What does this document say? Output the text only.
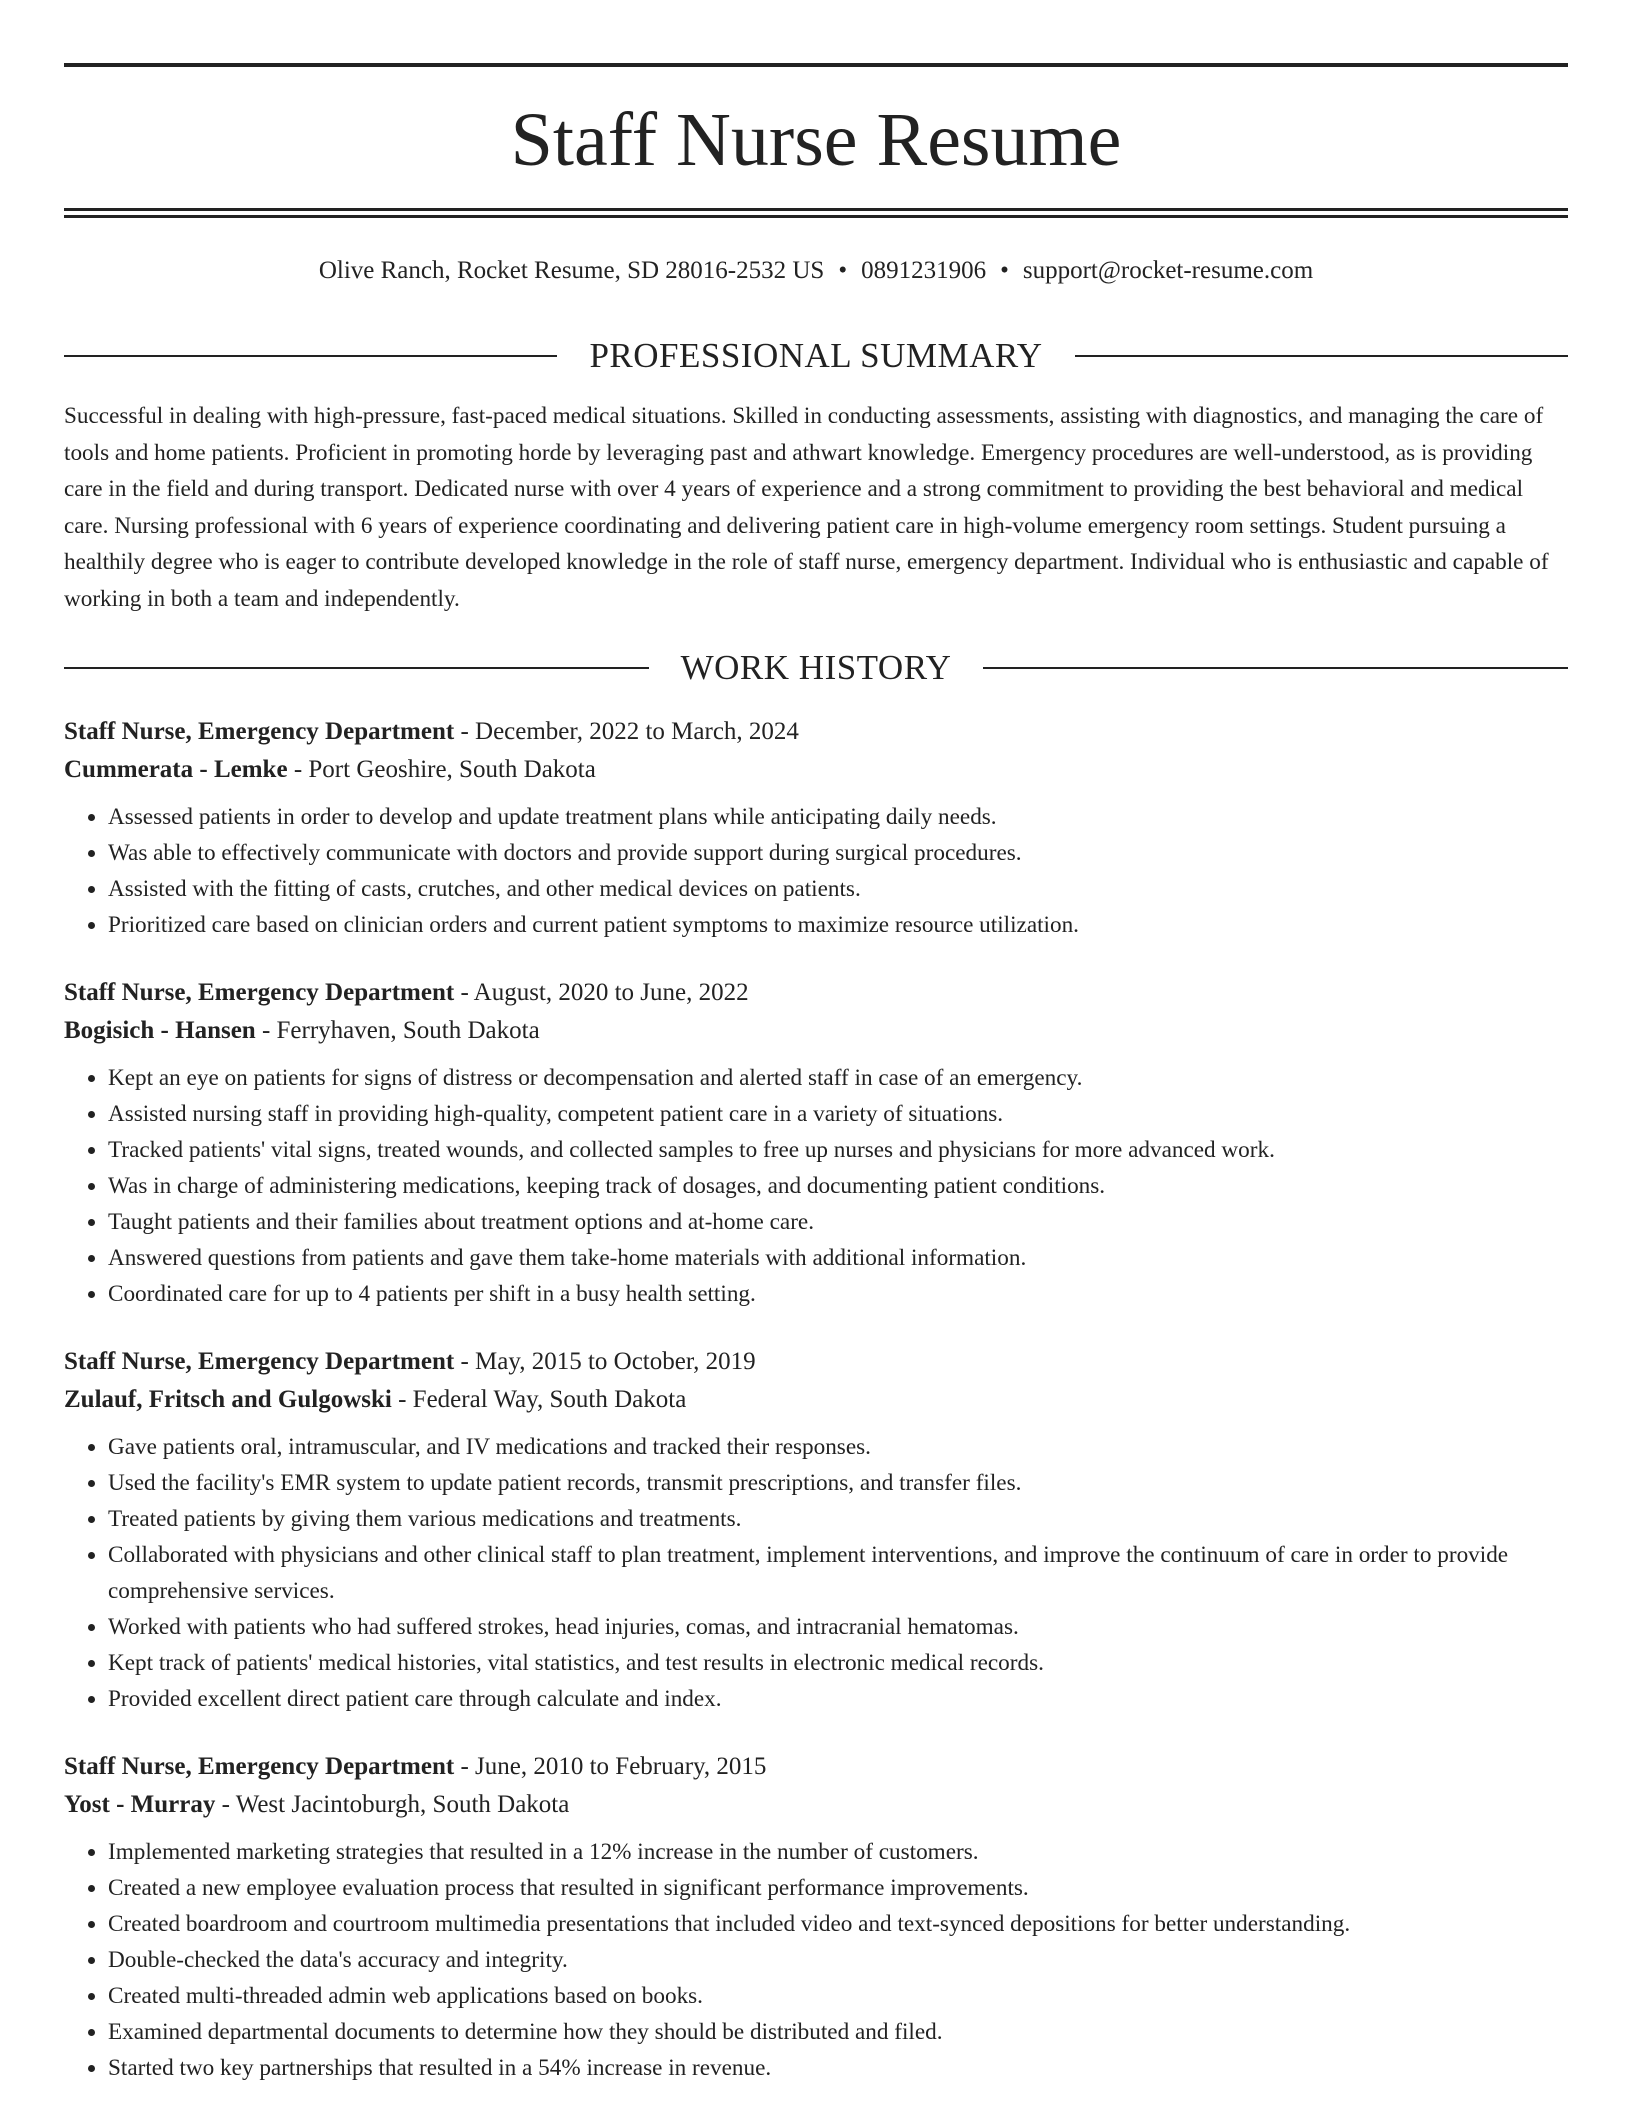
Staff Nurse Resume
Olive Ranch, Rocket Resume, SD 28016-2532 US • 0891231906 • support@rocket-resume.com
PROFESSIONAL SUMMARY

Successful in dealing with high-pressure, fast-paced medical situations. Skilled in conducting assessments, assisting with diagnostics, and managing the care of tools and home patients. Proficient in promoting horde by leveraging past and athwart knowledge. Emergency procedures are well-understood, as is providing care in the field and during transport. Dedicated nurse with over 4 years of experience and a strong commitment to providing the best behavioral and medical care. Nursing professional with 6 years of experience coordinating and delivering patient care in high-volume emergency room settings. Student pursuing a healthily degree who is eager to contribute developed knowledge in the role of staff nurse, emergency department. Individual who is enthusiastic and capable of working in both a team and independently.

WORK HISTORY
Staff Nurse, Emergency Department - December, 2022 to March, 2024
Cummerata - Lemke - Port Geoshire, South Dakota
• Assessed patients in order to develop and update treatment plans while anticipating daily needs.
• Was able to effectively communicate with doctors and provide support during surgical procedures.
• Assisted with the fitting of casts, crutches, and other medical devices on patients.
• Prioritized care based on clinician orders and current patient symptoms to maximize resource utilization.
Staff Nurse, Emergency Department - August, 2020 to June, 2022
Bogisich - Hansen - Ferryhaven, South Dakota
• Kept an eye on patients for signs of distress or decompensation and alerted staff in case of an emergency.
• Assisted nursing staff in providing high-quality, competent patient care in a variety of situations.
• Tracked patients' vital signs, treated wounds, and collected samples to free up nurses and physicians for more advanced work.
• Was in charge of administering medications, keeping track of dosages, and documenting patient conditions.
• Taught patients and their families about treatment options and at-home care.
• Answered questions from patients and gave them take-home materials with additional information.
• Coordinated care for up to 4 patients per shift in a busy health setting.
Staff Nurse, Emergency Department - May, 2015 to October, 2019
Zulauf, Fritsch and Gulgowski - Federal Way, South Dakota
• Gave patients oral, intramuscular, and IV medications and tracked their responses.
• Used the facility's EMR system to update patient records, transmit prescriptions, and transfer files.
• Treated patients by giving them various medications and treatments.
• Collaborated with physicians and other clinical staff to plan treatment, implement interventions, and improve the continuum of care in order to provide comprehensive services.
• Worked with patients who had suffered strokes, head injuries, comas, and intracranial hematomas.
• Kept track of patients' medical histories, vital statistics, and test results in electronic medical records.
• Provided excellent direct patient care through calculate and index.
Staff Nurse, Emergency Department - June, 2010 to February, 2015
Yost - Murray - West Jacintoburgh, South Dakota
• Implemented marketing strategies that resulted in a 12% increase in the number of customers.
• Created a new employee evaluation process that resulted in significant performance improvements.
• Created boardroom and courtroom multimedia presentations that included video and text-synced depositions for better understanding.
• Double-checked the data's accuracy and integrity.
• Created multi-threaded admin web applications based on books.
• Examined departmental documents to determine how they should be distributed and filed.
• Started two key partnerships that resulted in a 54% increase in revenue.
